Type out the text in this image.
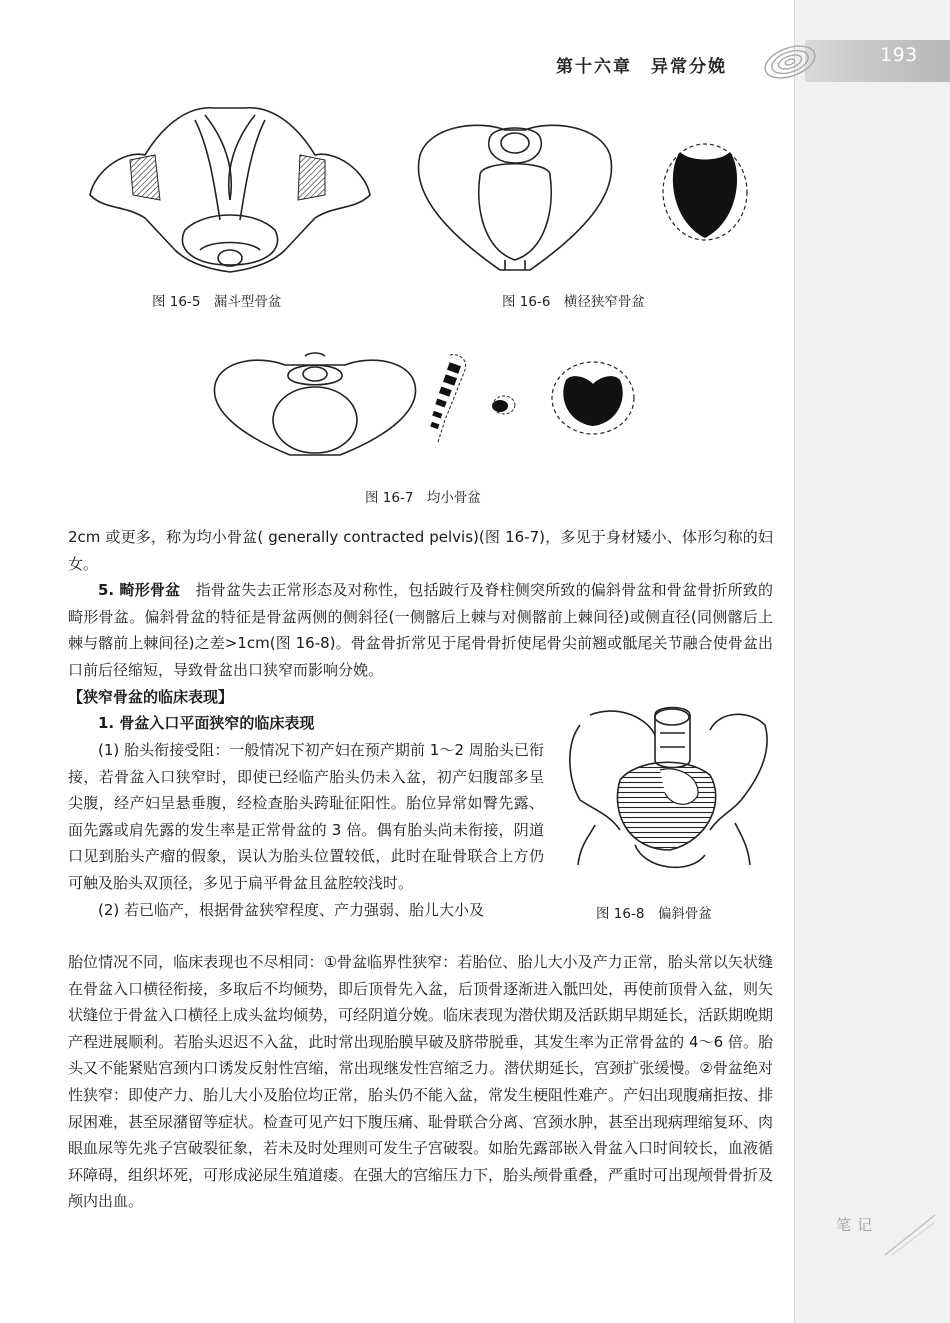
193
第十六章　异常分娩
图 16-5　漏斗型骨盆	图 16-6　横径狭窄骨盆
图 16-7　均小骨盆

2cm 或更多，称为均小骨盆( generally contracted pelvis)(图 16-7)，多见于身材矮小、体形匀称的妇女。

5. 畸形骨盆　指骨盆失去正常形态及对称性，包括跛行及脊柱侧突所致的偏斜骨盆和骨盆骨折所致的畸形骨盆。偏斜骨盆的特征是骨盆两侧的侧斜径(一侧髂后上棘与对侧髂前上棘间径)或侧直径(同侧髂后上棘与髂前上棘间径)之差>1cm(图 16-8)。骨盆骨折常见于尾骨骨折使尾骨尖前翘或骶尾关节融合使骨盆出口前后径缩短，导致骨盆出口狭窄而影响分娩。

【狭窄骨盆的临床表现】

1. 骨盆入口平面狭窄的临床表现

(1) 胎头衔接受阻：一般情况下初产妇在预产期前 1～2 周胎头已衔接，若骨盆入口狭窄时，即使已经临产胎头仍未入盆，初产妇腹部多呈尖腹，经产妇呈悬垂腹，经检查胎头跨耻征阳性。胎位异常如臀先露、面先露或肩先露的发生率是正常骨盆的 3 倍。偶有胎头尚未衔接，阴道口见到胎头产瘤的假象，误认为胎头位置较低，此时在耻骨联合上方仍可触及胎头双顶径，多见于扁平骨盆且盆腔较浅时。

(2) 若已临产，根据骨盆狭窄程度、产力强弱、胎儿大小及

胎位情况不同，临床表现也不尽相同：①骨盆临界性狭窄：若胎位、胎儿大小及产力正常，胎头常以矢状缝在骨盆入口横径衔接，多取后不均倾势，即后顶骨先入盆，后顶骨逐渐进入骶凹处，再使前顶骨入盆，则矢状缝位于骨盆入口横径上成头盆均倾势，可经阴道分娩。临床表现为潜伏期及活跃期早期延长，活跃期晚期产程进展顺利。若胎头迟迟不入盆，此时常出现胎膜早破及脐带脱垂，其发生率为正常骨盆的 4～6 倍。胎头又不能紧贴宫颈内口诱发反射性宫缩，常出现继发性宫缩乏力。潜伏期延长，宫颈扩张缓慢。②骨盆绝对性狭窄：即使产力、胎儿大小及胎位均正常，胎头仍不能入盆，常发生梗阻性难产。产妇出现腹痛拒按、排尿困难，甚至尿潴留等症状。检查可见产妇下腹压痛、耻骨联合分离、宫颈水肿，甚至出现病理缩复环、肉眼血尿等先兆子宫破裂征象，若未及时处理则可发生子宫破裂。如胎先露部嵌入骨盆入口时间较长，血液循环障碍，组织坏死，可形成泌尿生殖道瘘。在强大的宫缩压力下，胎头颅骨重叠，严重时可出现颅骨骨折及颅内出血。

图 16-8　偏斜骨盆
笔记
